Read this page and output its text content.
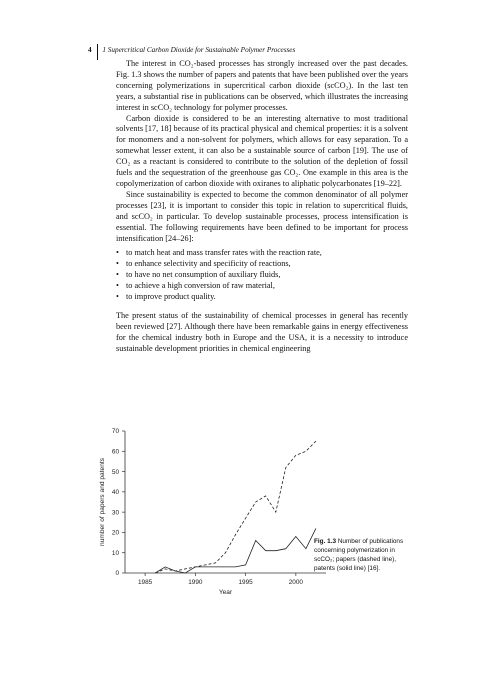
4 1 Supercritical Carbon Dioxide for Sustainable Polymer Processes

The interest in CO₂-based processes has strongly increased over the past decades. Fig. 1.3 shows the number of papers and patents that have been published over the years concerning polymerizations in supercritical carbon dioxide (scCO₂). In the last ten years, a substantial rise in publications can be observed, which illustrates the increasing interest in scCO₂ technology for polymer processes.

Carbon dioxide is considered to be an interesting alternative to most traditional solvents [17, 18] because of its practical physical and chemical properties: it is a solvent for monomers and a non-solvent for polymers, which allows for easy separation. To a somewhat lesser extent, it can also be a sustainable source of carbon [19]. The use of CO₂ as a reactant is considered to contribute to the solution of the depletion of fossil fuels and the sequestration of the greenhouse gas CO₂. One example in this area is the copolymerization of carbon dioxide with oxiranes to aliphatic polycarbonates [19–22].

Since sustainability is expected to become the common denominator of all polymer processes [23], it is important to consider this topic in relation to supercritical fluids, and scCO₂ in particular. To develop sustainable processes, process intensification is essential. The following requirements have been defined to be important for process intensification [24–26]:

• to match heat and mass transfer rates with the reaction rate,
• to enhance selectivity and specificity of reactions,
• to have no net consumption of auxiliary fluids,
• to achieve a high conversion of raw material,
• to improve product quality.

The present status of the sustainability of chemical processes in general has recently been reviewed [27]. Although there have been remarkable gains in energy effectiveness for the chemical industry both in Europe and the USA, it is a necessity to introduce sustainable development priorities in chemical engineering

0
10
20
30
40
50
60
70
1985	1990	1995	2000
Year
number of papers and patents	Fig. 1.3 Number of publications concerning polymerization in scCO₂; papers (dashed line), patents (solid line) [16].
